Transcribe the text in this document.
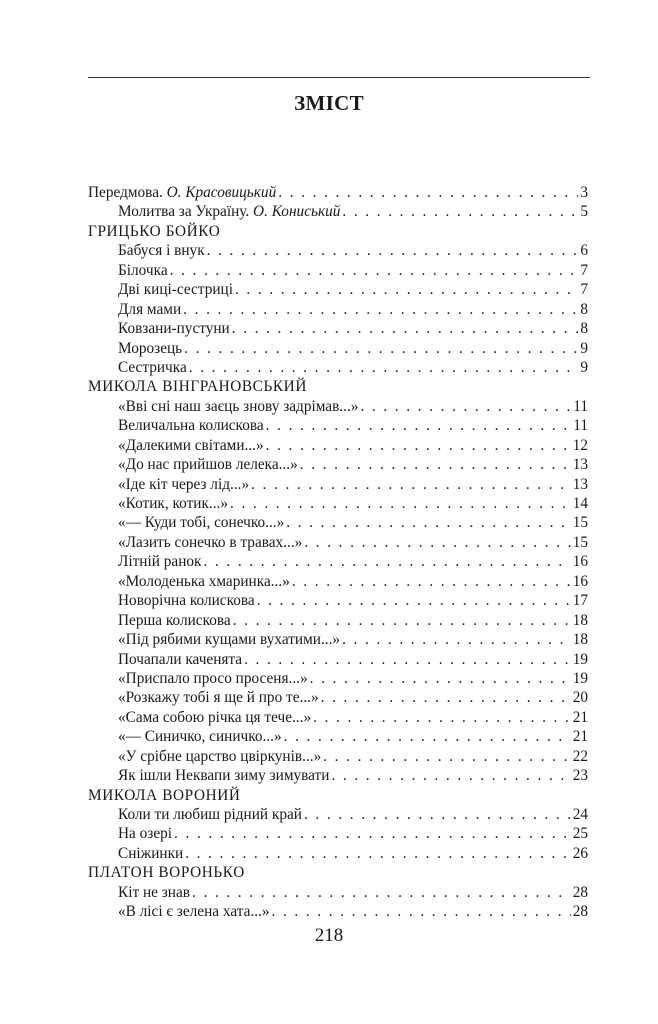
ЗМІСТ
Передмова. О. Красовицький . . .	3
Молитва за Україну. О. Кониський . . .	5
ГРИЦЬКО БОЙКО
Бабуся і внук . . .	6
Білочка . . .	7
Дві киці-сестриці . . .	7
Для мами . . .	8
Ковзани-пустуни . . .	8
Морозець . . .	9
Сестричка . . .	9
МИКОЛА ВІНГРАНОВСЬКИЙ
«Вві сні наш заєць знову задрімав...» . . .	11
Величальна колискова . . .	11
«Далекими світами...» . . .	12
«До нас прийшов лелека...» . . .	13
«Іде кіт через лід...» . . .	13
«Котик, котик...» . . .	14
«— Куди тобі, сонечко...» . . .	15
«Лазить сонечко в травах...» . . .	15
Літній ранок . . .	16
«Молоденька хмаринка...» . . .	16
Новорічна колискова . . .	17
Перша колискова . . .	18
«Під рябими кущами вухатими...» . . .	18
Почапали каченята . . .	19
«Приспало просо просеня...» . . .	19
«Розкажу тобі я ще й про те...» . . .	20
«Сама собою річка ця тече...» . . .	21
«— Синичко, синичко...» . . .	21
«У срібне царство цвіркунів...» . . .	22
Як ішли Неквапи зиму зимувати . . .	23
МИКОЛА ВОРОНИЙ
Коли ти любиш рідний край . . .	24
На озері . . .	25
Сніжинки . . .	26
ПЛАТОН ВОРОНЬКО
Кіт не знав . . .	28
«В лісі є зелена хата...» . . .	28
218
